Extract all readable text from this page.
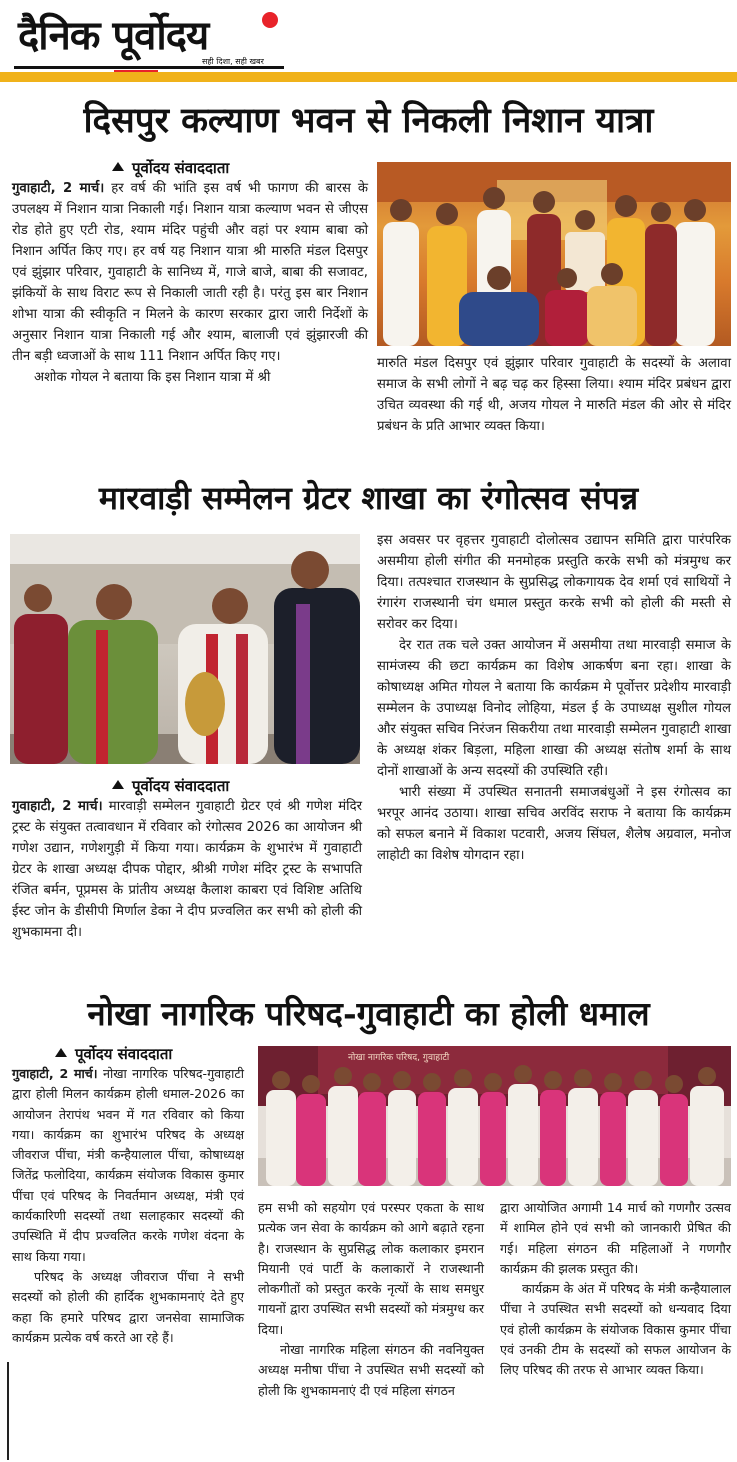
दैनिक पूर्वोदय
सही दिशा, सही खबर
दिसपुर कल्याण भवन से निकली निशान यात्रा
पूर्वोदय संवाददाता

गुवाहाटी, 2 मार्च। हर वर्ष की भांति इस वर्ष भी फागण की बारस के उपलक्ष्य में निशान यात्रा निकाली गई। निशान यात्रा कल्याण भवन से जीएस रोड होते हुए एटी रोड, श्याम मंदिर पहुंची और वहां पर श्याम बाबा को निशान अर्पित किए गए। हर वर्ष यह निशान यात्रा श्री मारुति मंडल दिसपुर एवं झुंझार परिवार, गुवाहाटी के सानिध्य में, गाजे बाजे, बाबा की सजावट, झंकियों के साथ विराट रूप से निकाली जाती रही है। परंतु इस बार निशान शोभा यात्रा की स्वीकृति न मिलने के कारण सरकार द्वारा जारी निर्देशों के अनुसार निशान यात्रा निकाली गई और श्याम, बालाजी एवं झुंझारजी की तीन बड़ी ध्वजाओं के साथ 111 निशान अर्पित किए गए।

अशोक गोयल ने बताया कि इस निशान यात्रा में श्री

मारुति मंडल दिसपुर एवं झुंझार परिवार गुवाहाटी के सदस्यों के अलावा समाज के सभी लोगों ने बढ़ चढ़ कर हिस्सा लिया। श्याम मंदिर प्रबंधन द्वारा उचित व्यवस्था की गई थी, अजय गोयल ने मारुति मंडल की ओर से मंदिर प्रबंधन के प्रति आभार व्यक्त किया।

मारवाड़ी सम्मेलन ग्रेटर शाखा का रंगोत्सव संपन्न
पूर्वोदय संवाददाता

गुवाहाटी, 2 मार्च। मारवाड़ी सम्मेलन गुवाहाटी ग्रेटर एवं श्री गणेश मंदिर ट्रस्ट के संयुक्त तत्वावधान में रविवार को रंगोत्सव 2026 का आयोजन श्री गणेश उद्यान, गणेशगुड़ी में किया गया। कार्यक्रम के शुभारंभ में गुवाहाटी ग्रेटर के शाखा अध्यक्ष दीपक पोद्दार, श्रीश्री गणेश मंदिर ट्रस्ट के सभापति रंजित बर्मन, पूप्रमस के प्रांतीय अध्यक्ष कैलाश काबरा एवं विशिष्ट अतिथि ईस्ट जोन के डीसीपी मिर्णाल डेका ने दीप प्रज्वलित कर सभी को होली की शुभकामना दी।

इस अवसर पर वृहत्तर गुवाहाटी दोलोत्सव उद्यापन समिति द्वारा पारंपरिक असमीया होली संगीत की मनमोहक प्रस्तुति करके सभी को मंत्रमुग्ध कर दिया। तत्पश्चात राजस्थान के सुप्रसिद्ध लोकगायक देव शर्मा एवं साथियों ने रंगारंग राजस्थानी चंग धमाल प्रस्तुत करके सभी को होली की मस्ती से सरोवर कर दिया।

देर रात तक चले उक्त आयोजन में असमीया तथा मारवाड़ी समाज के सामंजस्य की छटा कार्यक्रम का विशेष आकर्षण बना रहा। शाखा के कोषाध्यक्ष अमित गोयल ने बताया कि कार्यक्रम मे पूर्वोत्तर प्रदेशीय मारवाड़ी सम्मेलन के उपाध्यक्ष विनोद लोहिया, मंडल ई के उपाध्यक्ष सुशील गोयल और संयुक्त सचिव निरंजन सिकरीया तथा मारवाड़ी सम्मेलन गुवाहाटी शाखा के अध्यक्ष शंकर बिड़ला, महिला शाखा की अध्यक्ष संतोष शर्मा के साथ दोनों शाखाओं के अन्य सदस्यों की उपस्थिति रही।

भारी संख्या में उपस्थित सनातनी समाजबंधुओं ने इस रंगोत्सव का भरपूर आनंद उठाया। शाखा सचिव अरविंद सराफ ने बताया कि कार्यक्रम को सफल बनाने में विकाश पटवारी, अजय सिंघल, शैलेष अग्रवाल, मनोज लाहोटी का विशेष योगदान रहा।

नोखा नागरिक परिषद-गुवाहाटी का होली धमाल
पूर्वोदय संवाददाता

गुवाहाटी, 2 मार्च। नोखा नागरिक परिषद-गुवाहाटी द्वारा होली मिलन कार्यक्रम होली धमाल-2026 का आयोजन तेरापंथ भवन में गत रविवार को किया गया। कार्यक्रम का शुभारंभ परिषद के अध्यक्ष जीवराज पींचा, मंत्री कन्हैयालाल पींचा, कोषाध्यक्ष जितेंद्र फलोदिया, कार्यक्रम संयोजक विकास कुमार पींचा एवं परिषद के निवर्तमान अध्यक्ष, मंत्री एवं कार्यकारिणी सदस्यों तथा सलाहकार सदस्यों की उपस्थिति में दीप प्रज्वलित करके गणेश वंदना के साथ किया गया।

परिषद के अध्यक्ष जीवराज पींचा ने सभी सदस्यों को होली की हार्दिक शुभकामनाएं देते हुए कहा कि हमारे परिषद द्वारा जनसेवा सामाजिक कार्यक्रम प्रत्येक वर्ष करते आ रहे हैं।

नोखा नागरिक परिषद, गुवाहाटी

हम सभी को सहयोग एवं परस्पर एकता के साथ प्रत्येक जन सेवा के कार्यक्रम को आगे बढ़ाते रहना है। राजस्थान के सुप्रसिद्ध लोक कलाकार इमरान मियानी एवं पार्टी के कलाकारों ने राजस्थानी लोकगीतों को प्रस्तुत करके नृत्यों के साथ समधुर गायनों द्वारा उपस्थित सभी सदस्यों को मंत्रमुग्ध कर दिया।

नोखा नागरिक महिला संगठन की नवनियुक्त अध्यक्ष मनीषा पींचा ने उपस्थित सभी सदस्यों को होली कि शुभकामनाएं दी एवं महिला संगठन

द्वारा आयोजित अगामी 14 मार्च को गणगौर उत्सव में शामिल होने एवं सभी को जानकारी प्रेषित की गई। महिला संगठन की महिलाओं ने गणगौर कार्यक्रम की झलक प्रस्तुत की।

कार्यक्रम के अंत में परिषद के मंत्री कन्हैयालाल पींचा ने उपस्थित सभी सदस्यों को धन्यवाद दिया एवं होली कार्यक्रम के संयोजक विकास कुमार पींचा एवं उनकी टीम के सदस्यों को सफल आयोजन के लिए परिषद की तरफ से आभार व्यक्त किया।
